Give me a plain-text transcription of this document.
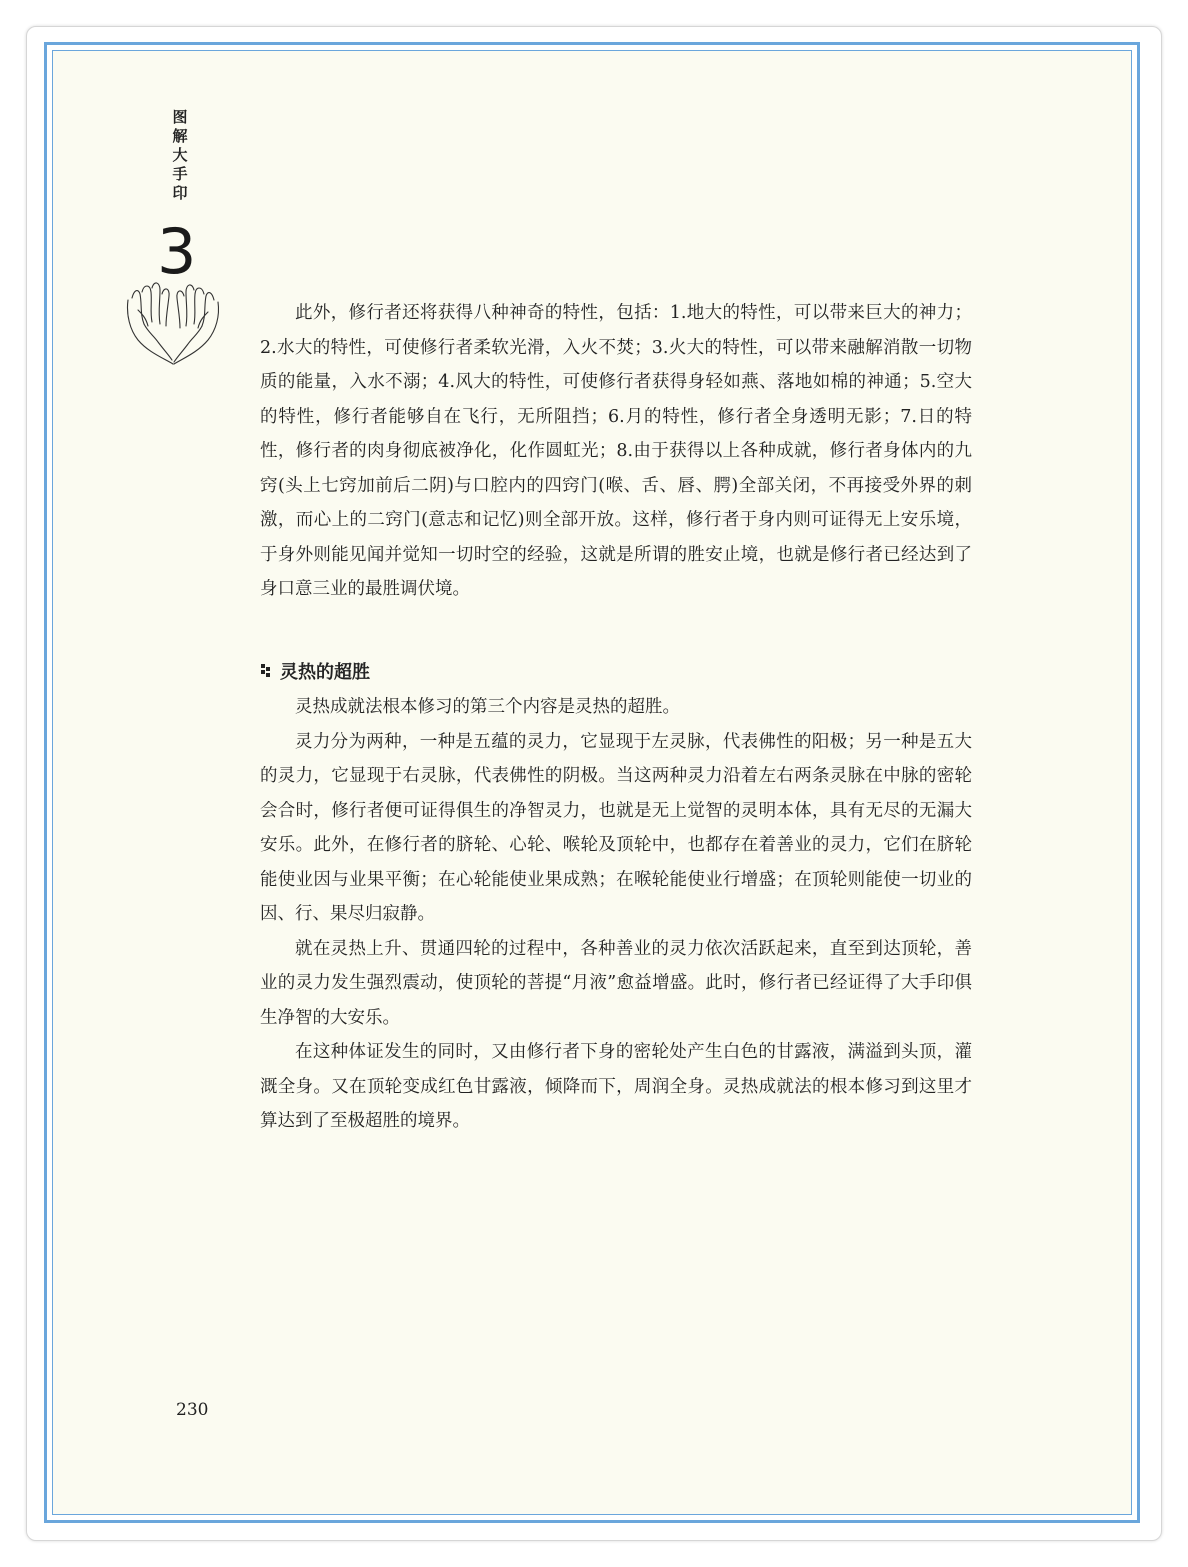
图解大手印
3

此外，修行者还将获得八种神奇的特性，包括：1.地大的特性，可以带来巨大的神力；2.水大的特性，可使修行者柔软光滑，入火不焚；3.火大的特性，可以带来融解消散一切物质的能量，入水不溺；4.风大的特性，可使修行者获得身轻如燕、落地如棉的神通；5.空大的特性，修行者能够自在飞行，无所阻挡；6.月的特性，修行者全身透明无影；7.日的特性，修行者的肉身彻底被净化，化作圆虹光；8.由于获得以上各种成就，修行者身体内的九窍(头上七窍加前后二阴)与口腔内的四窍门(喉、舌、唇、腭)全部关闭，不再接受外界的刺激，而心上的二窍门(意志和记忆)则全部开放。这样，修行者于身内则可证得无上安乐境，于身外则能见闻并觉知一切时空的经验，这就是所谓的胜安止境，也就是修行者已经达到了身口意三业的最胜调伏境。

灵热的超胜

灵热成就法根本修习的第三个内容是灵热的超胜。

灵力分为两种，一种是五蕴的灵力，它显现于左灵脉，代表佛性的阳极；另一种是五大的灵力，它显现于右灵脉，代表佛性的阴极。当这两种灵力沿着左右两条灵脉在中脉的密轮会合时，修行者便可证得俱生的净智灵力，也就是无上觉智的灵明本体，具有无尽的无漏大安乐。此外，在修行者的脐轮、心轮、喉轮及顶轮中，也都存在着善业的灵力，它们在脐轮能使业因与业果平衡；在心轮能使业果成熟；在喉轮能使业行增盛；在顶轮则能使一切业的因、行、果尽归寂静。

就在灵热上升、贯通四轮的过程中，各种善业的灵力依次活跃起来，直至到达顶轮，善业的灵力发生强烈震动，使顶轮的菩提“月液”愈益增盛。此时，修行者已经证得了大手印俱生净智的大安乐。

在这种体证发生的同时，又由修行者下身的密轮处产生白色的甘露液，满溢到头顶，灌溉全身。又在顶轮变成红色甘露液，倾降而下，周润全身。灵热成就法的根本修习到这里才算达到了至极超胜的境界。

230
